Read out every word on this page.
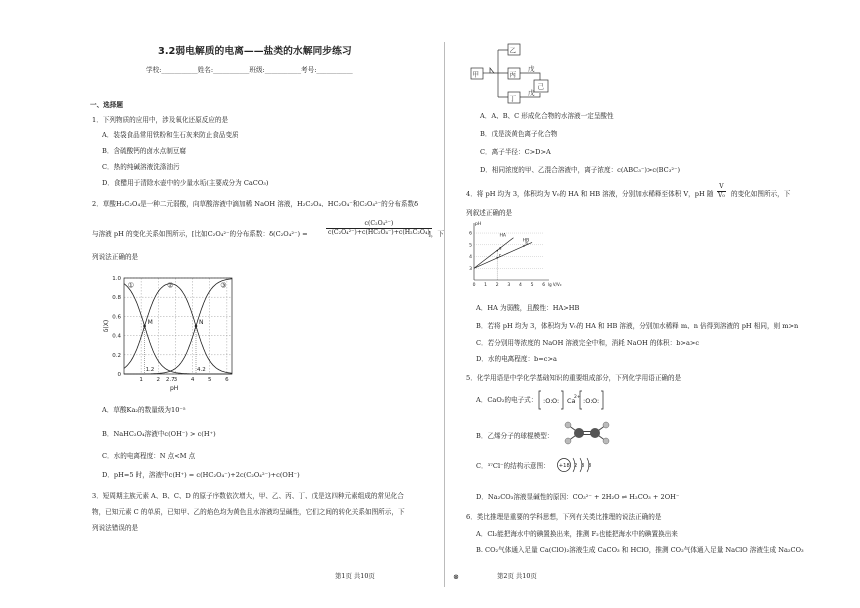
3.2弱电解质的电离——盐类的水解同步练习
学校:___________姓名:___________班级:___________考号:___________
一、选择题
1．下列物质的应用中，涉及氧化还原反应的是
A．装袋食品常用铁粉和生石灰来防止食品变质
B．含硫酸钙的卤水点制豆腐
C．热的纯碱溶液洗涤油污
D．食醋用于清除水壶中的少量水垢(主要成分为 CaCO₃)
2．草酸H₂C₂O₄是一种二元弱酸，向草酸溶液中滴加稀 NaOH 溶液，H₂C₂O₄、HC₂O₄⁻和C₂O₄²⁻的分布系数δ
与溶液 pH 的变化关系如图所示，[比如C₂O₄²⁻的分布系数：δ(C₂O₄²⁻) =	$\frac{\text{c(C₂O₄²⁻)}}{\text{c(C₂O₄²⁻)+c(HC₂O₄⁻)+c(H₂C₂O₄)}}$
]，下
列说法正确的是
0
0.2
0.4
0.6
0.8
1.0
①	②	③
M	N
1.2	4.2
1 2 2.7 3 4 5 6
pH
δ(X)
A．草酸Ka₂的数量级为10⁻⁵
B．NaHC₂O₄溶液中c(OH⁻) > c(H⁺)
C．水的电离程度：N 点<M 点
D．pH=5 时，溶液中c(H⁺) = c(HC₂O₄⁻)+2c(C₂O₄²⁻)+c(OH⁻)
3．短周期主族元素 A、B、C、D 的原子序数依次增大，甲、乙、丙、丁、戊是这四种元素组成的常见化合
物，已知元素 C 的单质，已知甲、乙的焰色均为黄色且水溶液均呈碱性，它们之间的转化关系如图所示，下
列说法错误的是
第1页 共10页	⊗
甲
乙
丙
丁
戊
戊
己
A．A、B、C 形成化合物的水溶液一定呈酸性
B．戊是淡黄色离子化合物
C．离子半径：C>D>A
D．相同浓度的甲、乙混合溶液中，离子浓度：c(ABC₃⁻)>c(BC₃²⁻)
4．将 pH 均为 3，体积均为 V₀的 HA 和 HB 溶液，分别加水稀释至体积 V，pH 随 $\frac{V}{\text{V₀}}$ 的变化如图所示，下
列叙述正确的是
0 1 2 3 4 5 6
3
4
5
6
pH
lg V/V₀
HA
HB
a
b
c
A．HA 为弱酸，且酸性：HA>HB
B．若将 pH 均为 3，体积均为 V₀的 HA 和 HB 溶液，分别加水稀释 m、n 倍得到溶液的 pH 相同，则 m>n
C．若分别用等浓度的 NaOH 溶液完全中和，消耗 NaOH 的体积：b>a>c
D．水的电离程度：b=c>a
5．化学用语是中学化学基础知识的重要组成部分，下列化学用语正确的是
A．CaO₂的电子式： :O: O: Ca
2+ :O: O:
B．乙烯分子的球棍模型：
C．³⁷Cl⁻的结构示意图： +18 2 8 8
D．Na₂CO₃溶液显碱性的原因：CO₃²⁻ + 2H₂O ⇌ H₂CO₃ + 2OH⁻
6．类比推理是重要的学科思想，下列有关类比推理的说法正确的是
A．Cl₂能把海水中的碘置换出来，推测 F₂也能把海水中的碘置换出来
B. CO₂气体通入足量 Ca(ClO)₂溶液生成 CaCO₃ 和 HClO，推测 CO₂气体通入足量 NaClO 溶液生成 Na₂CO₃
第2页 共10页
